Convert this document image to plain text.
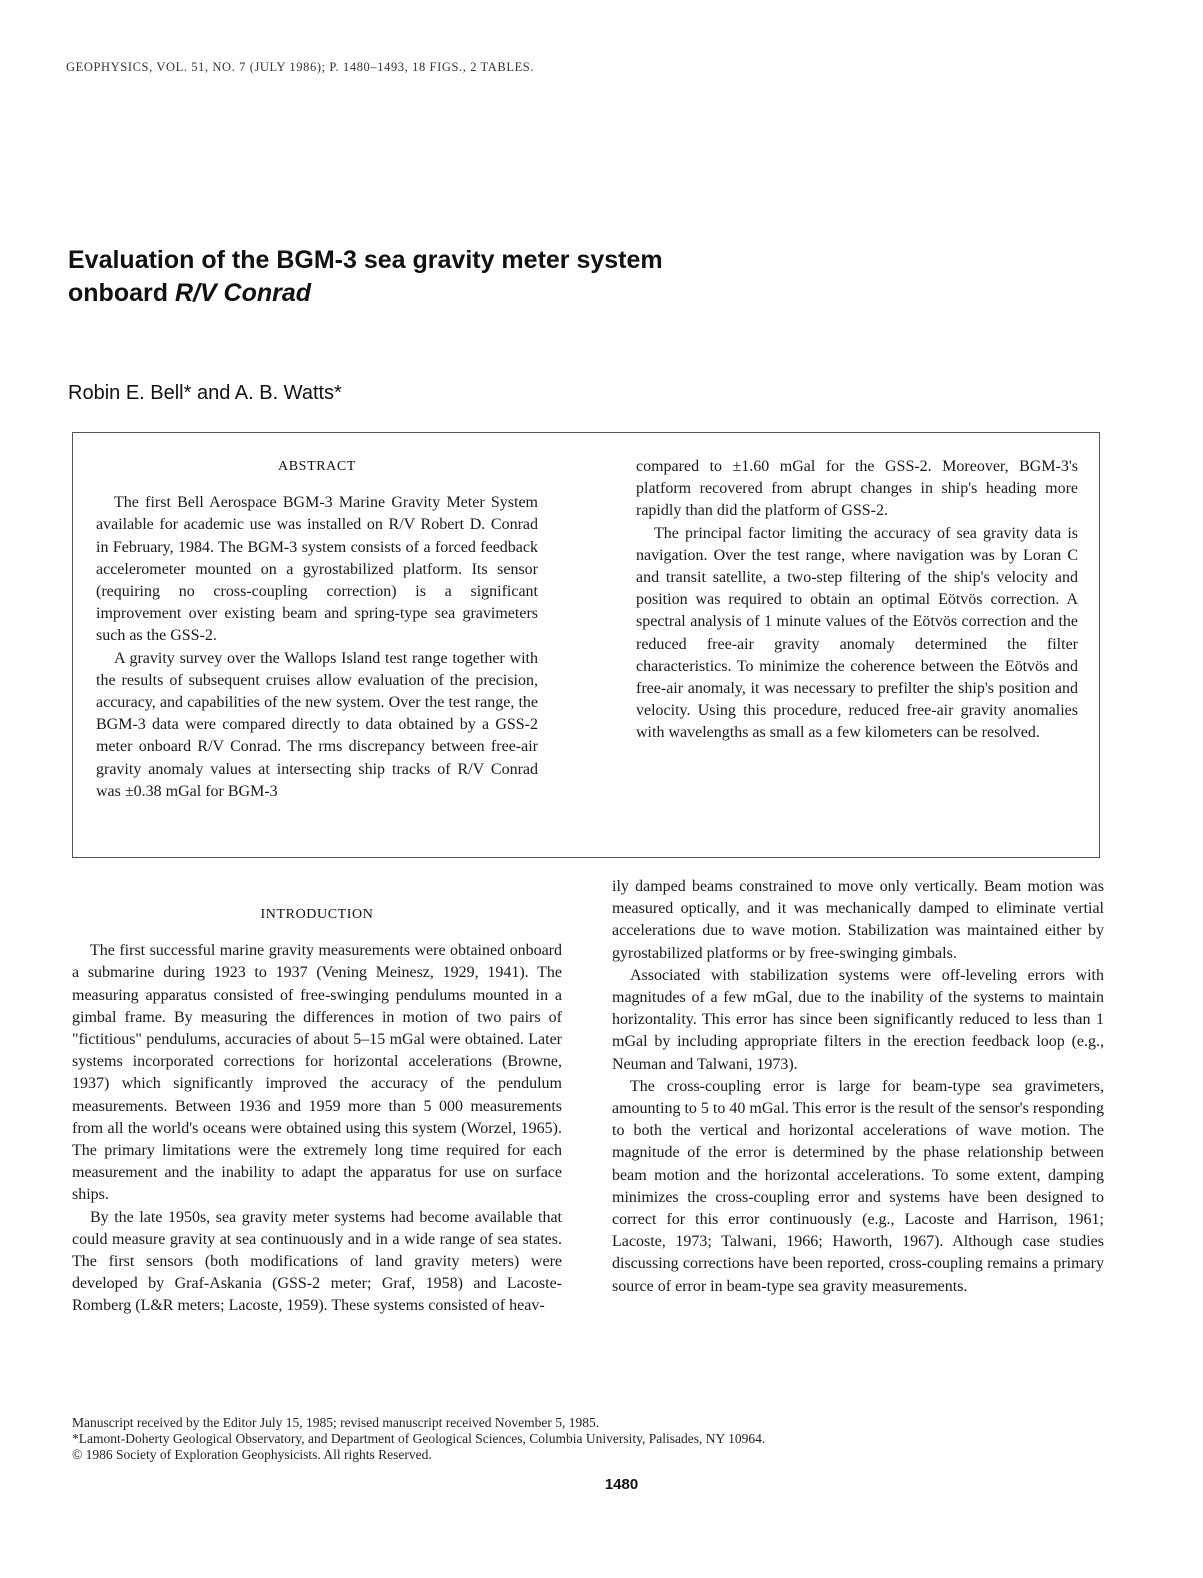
GEOPHYSICS, VOL. 51, NO. 7 (JULY 1986); P. 1480–1493, 18 FIGS., 2 TABLES.
Evaluation of the BGM-3 sea gravity meter system
onboard R/V Conrad
Robin E. Bell* and A. B. Watts*
ABSTRACT

The first Bell Aerospace BGM-3 Marine Gravity Meter System available for academic use was installed on R/V Robert D. Conrad in February, 1984. The BGM-3 system consists of a forced feedback accelerometer mounted on a gyrostabilized platform. Its sensor (requiring no cross-coupling correction) is a significant improvement over existing beam and spring-type sea gravimeters such as the GSS-2.

A gravity survey over the Wallops Island test range together with the results of subsequent cruises allow evaluation of the precision, accuracy, and capabilities of the new system. Over the test range, the BGM-3 data were compared directly to data obtained by a GSS-2 meter onboard R/V Conrad. The rms discrepancy between free-air gravity anomaly values at intersecting ship tracks of R/V Conrad was ±0.38 mGal for BGM-3

compared to ±1.60 mGal for the GSS-2. Moreover, BGM-3's platform recovered from abrupt changes in ship's heading more rapidly than did the platform of GSS-2.

The principal factor limiting the accuracy of sea gravity data is navigation. Over the test range, where navigation was by Loran C and transit satellite, a two-step filtering of the ship's velocity and position was required to obtain an optimal Eötvös correction. A spectral analysis of 1 minute values of the Eötvös correction and the reduced free-air gravity anomaly determined the filter characteristics. To minimize the coherence between the Eötvös and free-air anomaly, it was necessary to prefilter the ship's position and velocity. Using this procedure, reduced free-air gravity anomalies with wavelengths as small as a few kilometers can be resolved.

INTRODUCTION

The first successful marine gravity measurements were obtained onboard a submarine during 1923 to 1937 (Vening Meinesz, 1929, 1941). The measuring apparatus consisted of free-swinging pendulums mounted in a gimbal frame. By measuring the differences in motion of two pairs of "fictitious" pendulums, accuracies of about 5–15 mGal were obtained. Later systems incorporated corrections for horizontal accelerations (Browne, 1937) which significantly improved the accuracy of the pendulum measurements. Between 1936 and 1959 more than 5 000 measurements from all the world's oceans were obtained using this system (Worzel, 1965). The primary limitations were the extremely long time required for each measurement and the inability to adapt the apparatus for use on surface ships.

By the late 1950s, sea gravity meter systems had become available that could measure gravity at sea continuously and in a wide range of sea states. The first sensors (both modifications of land gravity meters) were developed by Graf-Askania (GSS-2 meter; Graf, 1958) and Lacoste-Romberg (L&R meters; Lacoste, 1959). These systems consisted of heav-

ily damped beams constrained to move only vertically. Beam motion was measured optically, and it was mechanically damped to eliminate vertial accelerations due to wave motion. Stabilization was maintained either by gyrostabilized platforms or by free-swinging gimbals.

Associated with stabilization systems were off-leveling errors with magnitudes of a few mGal, due to the inability of the systems to maintain horizontality. This error has since been significantly reduced to less than 1 mGal by including appropriate filters in the erection feedback loop (e.g., Neuman and Talwani, 1973).

The cross-coupling error is large for beam-type sea gravimeters, amounting to 5 to 40 mGal. This error is the result of the sensor's responding to both the vertical and horizontal accelerations of wave motion. The magnitude of the error is determined by the phase relationship between beam motion and the horizontal accelerations. To some extent, damping minimizes the cross-coupling error and systems have been designed to correct for this error continuously (e.g., Lacoste and Harrison, 1961; Lacoste, 1973; Talwani, 1966; Haworth, 1967). Although case studies discussing corrections have been reported, cross-coupling remains a primary source of error in beam-type sea gravity measurements.

Manuscript received by the Editor July 15, 1985; revised manuscript received November 5, 1985.
*Lamont-Doherty Geological Observatory, and Department of Geological Sciences, Columbia University, Palisades, NY 10964.
© 1986 Society of Exploration Geophysicists. All rights Reserved.
1480
